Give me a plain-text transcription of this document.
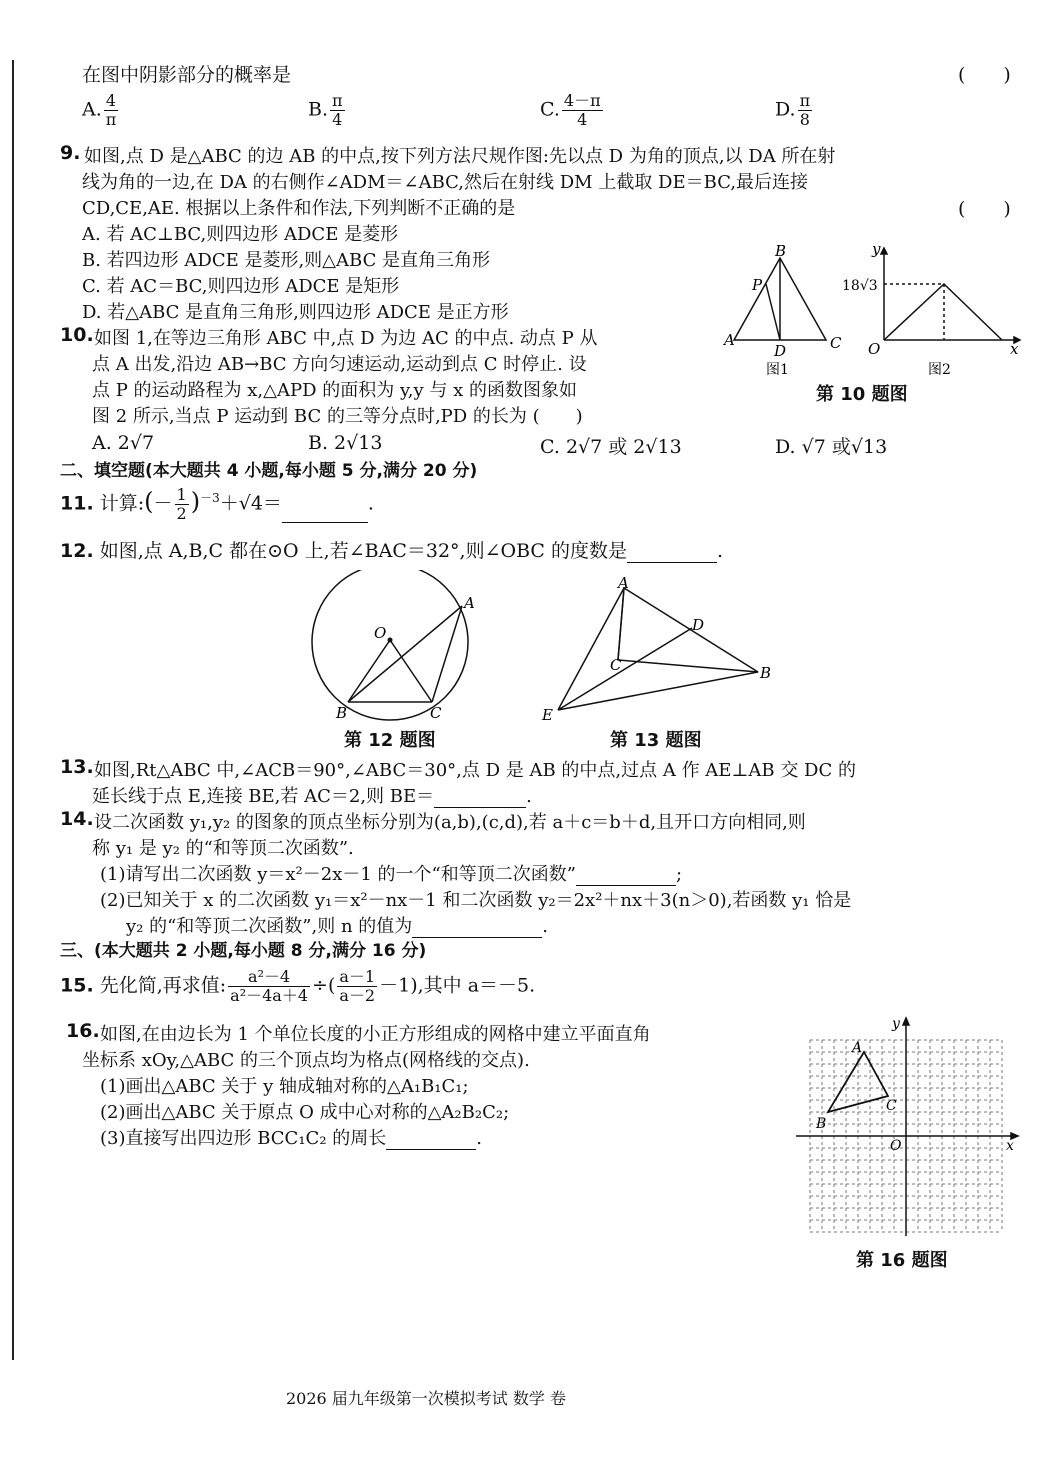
在图中阴影部分的概率是	(　　)
A. $\frac{4}{\pi}$	B. $\frac{\pi}{4}$	C. $\frac{4-\pi}{4}$	D. $\frac{\pi}{8}$
9. 如图,点 D 是△ABC 的边 AB 的中点,按下列方法尺规作图:先以点 D 为角的顶点,以 DA 所在射
线为角的一边,在 DA 的右侧作∠ADM＝∠ABC,然后在射线 DM 上截取 DE＝BC,最后连接
CD,CE,AE. 根据以上条件和作法,下列判断不正确的是	(　　)
A. 若 AC⊥BC,则四边形 ADCE 是菱形
B. 若四边形 ADCE 是菱形,则△ABC 是直角三角形
C. 若 AC＝BC,则四边形 ADCE 是矩形
D. 若△ABC 是直角三角形,则四边形 ADCE 是正方形
10. 如图 1,在等边三角形 ABC 中,点 D 为边 AC 的中点. 动点 P 从
点 A 出发,沿边 AB→BC 方向匀速运动,运动到点 C 时停止. 设
点 P 的运动路程为 x,△APD 的面积为 y,y 与 x 的函数图象如
图 2 所示,当点 P 运动到 BC 的三等分点时,PD 的长为 (　　)
A. 2√7	B. 2√13	C. 2√7 或 2√13	D. √7 或√13
A
B
C
D
P
图1
18√3
O	x
y
图2
第 10 题图
二、填空题(本大题共 4 小题,每小题 5 分,满分 20 分)
11. 计算:(－ $\frac{1}{2} )^{-3}+√4=$	.
12. 如图,点 A,B,C 都在⊙O 上,若∠BAC＝32°,则∠OBC 的度数是	.
O
A
B	C
第 12 题图
A
B
C
D
E
第 13 题图
13. 如图,Rt△ABC 中,∠ACB＝90°,∠ABC＝30°,点 D 是 AB 的中点,过点 A 作 AE⊥AB 交 DC 的
延长线于点 E,连接 BE,若 AC＝2,则 BE＝	.
14. 设二次函数 y₁,y₂ 的图象的顶点坐标分别为(a,b),(c,d),若 a＋c＝b＋d,且开口方向相同,则
称 y₁ 是 y₂ 的“和等顶二次函数”.
(1)请写出二次函数 y＝x²－2x－1 的一个“和等顶二次函数”	;
(2)已知关于 x 的二次函数 y₁＝x²－nx－1 和二次函数 y₂＝2x²＋nx＋3(n＞0),若函数 y₁ 恰是
y₂ 的“和等顶二次函数”,则 n 的值为	.
三、(本大题共 2 小题,每小题 8 分,满分 16 分)
15. 先化简,再求值: $\frac{\text{a²－4}}{\text{a²－4a＋4}}$ ÷( $\frac{a-1}{a-2} -1$),其中 a＝－5.
16. 如图,在由边长为 1 个单位长度的小正方形组成的网格中建立平面直角
坐标系 xOy,△ABC 的三个顶点均为格点(网格线的交点).
(1)画出△ABC 关于 y 轴成轴对称的△A₁B₁C₁;
(2)画出△ABC 关于原点 O 成中心对称的△A₂B₂C₂;
(3)直接写出四边形 BCC₁C₂ 的周长	.
A
B
C
O	x
y
第 16 题图
2026 届九年级第一次模拟考试 数学 卷
